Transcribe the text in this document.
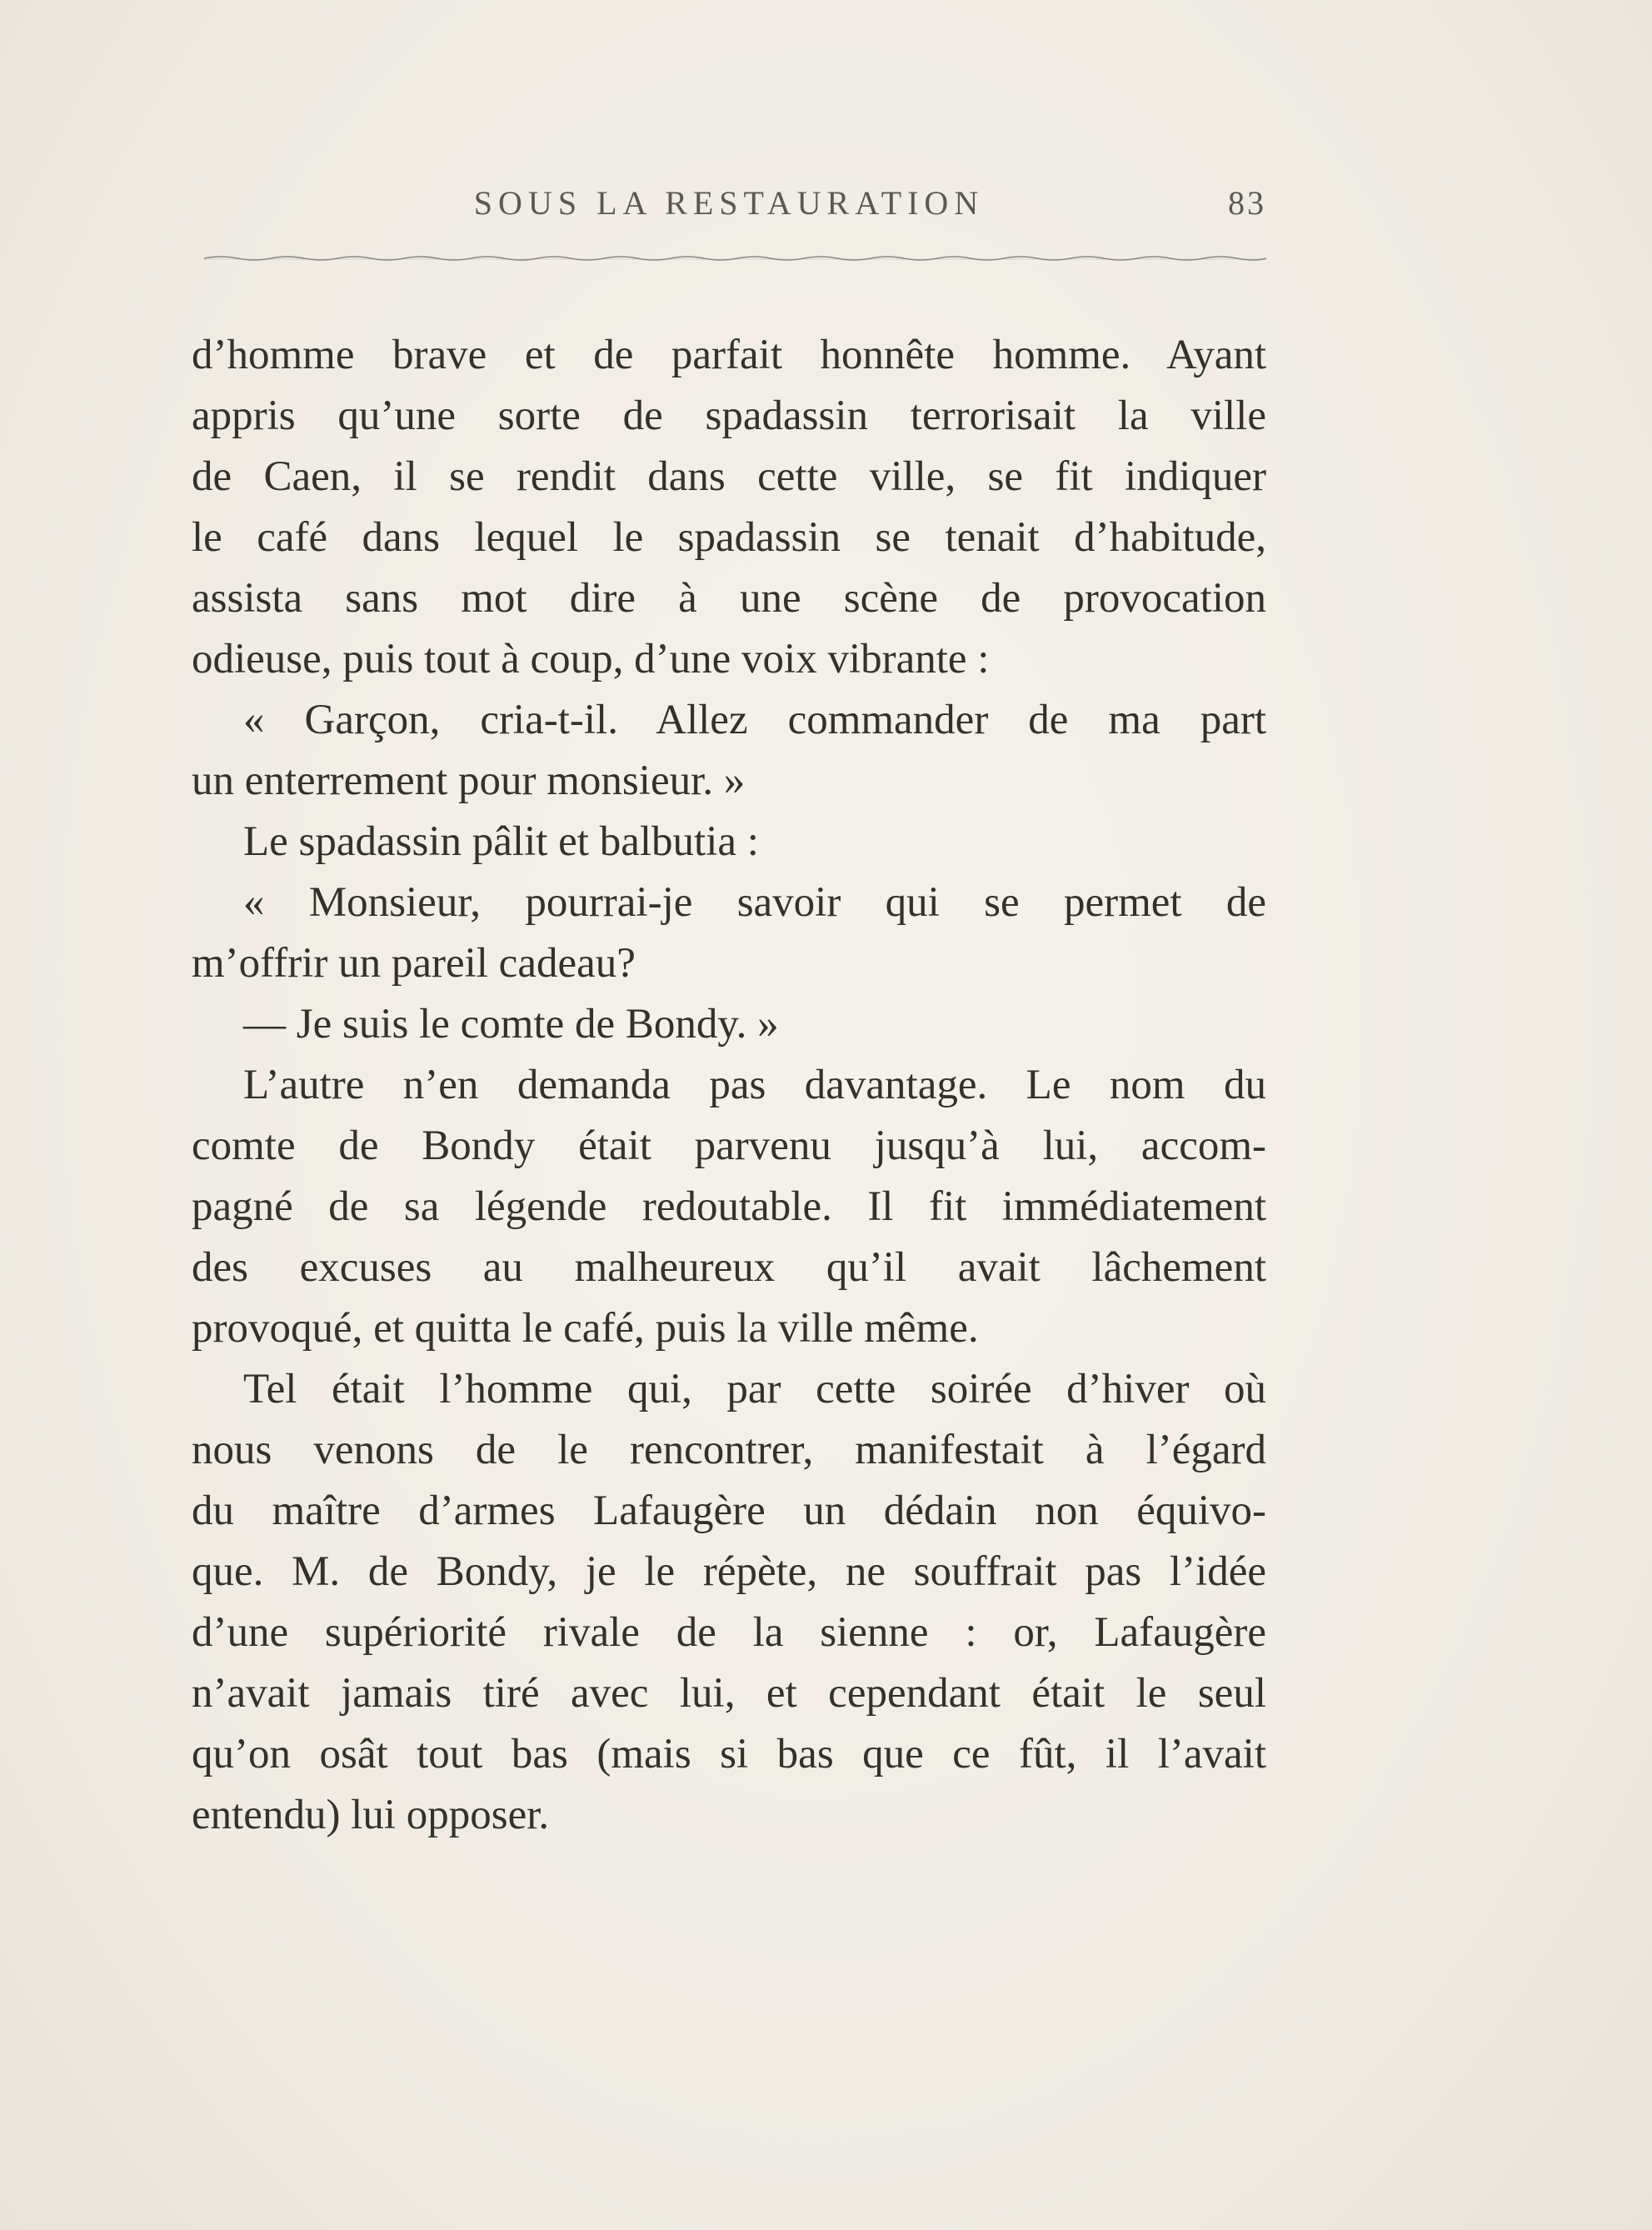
SOUS LA RESTAURATION	83
d’homme brave et de parfait honnête homme. Ayant
appris qu’une sorte de spadassin terrorisait la ville
de Caen, il se rendit dans cette ville, se fit indiquer
le café dans lequel le spadassin se tenait d’habitude,
assista sans mot dire à une scène de provocation
odieuse, puis tout à coup, d’une voix vibrante :
« Garçon, cria-t-il. Allez commander de ma part
un enterrement pour monsieur. »
Le spadassin pâlit et balbutia :
« Monsieur, pourrai-je savoir qui se permet de
m’offrir un pareil cadeau?
— Je suis le comte de Bondy. »
L’autre n’en demanda pas davantage. Le nom du
comte de Bondy était parvenu jusqu’à lui, accom-
pagné de sa légende redoutable. Il fit immédiatement
des excuses au malheureux qu’il avait lâchement
provoqué, et quitta le café, puis la ville même.
Tel était l’homme qui, par cette soirée d’hiver où
nous venons de le rencontrer, manifestait à l’égard
du maître d’armes Lafaugère un dédain non équivo-
que. M. de Bondy, je le répète, ne souffrait pas l’idée
d’une supériorité rivale de la sienne : or, Lafaugère
n’avait jamais tiré avec lui, et cependant était le seul
qu’on osât tout bas (mais si bas que ce fût, il l’avait
entendu) lui opposer.
